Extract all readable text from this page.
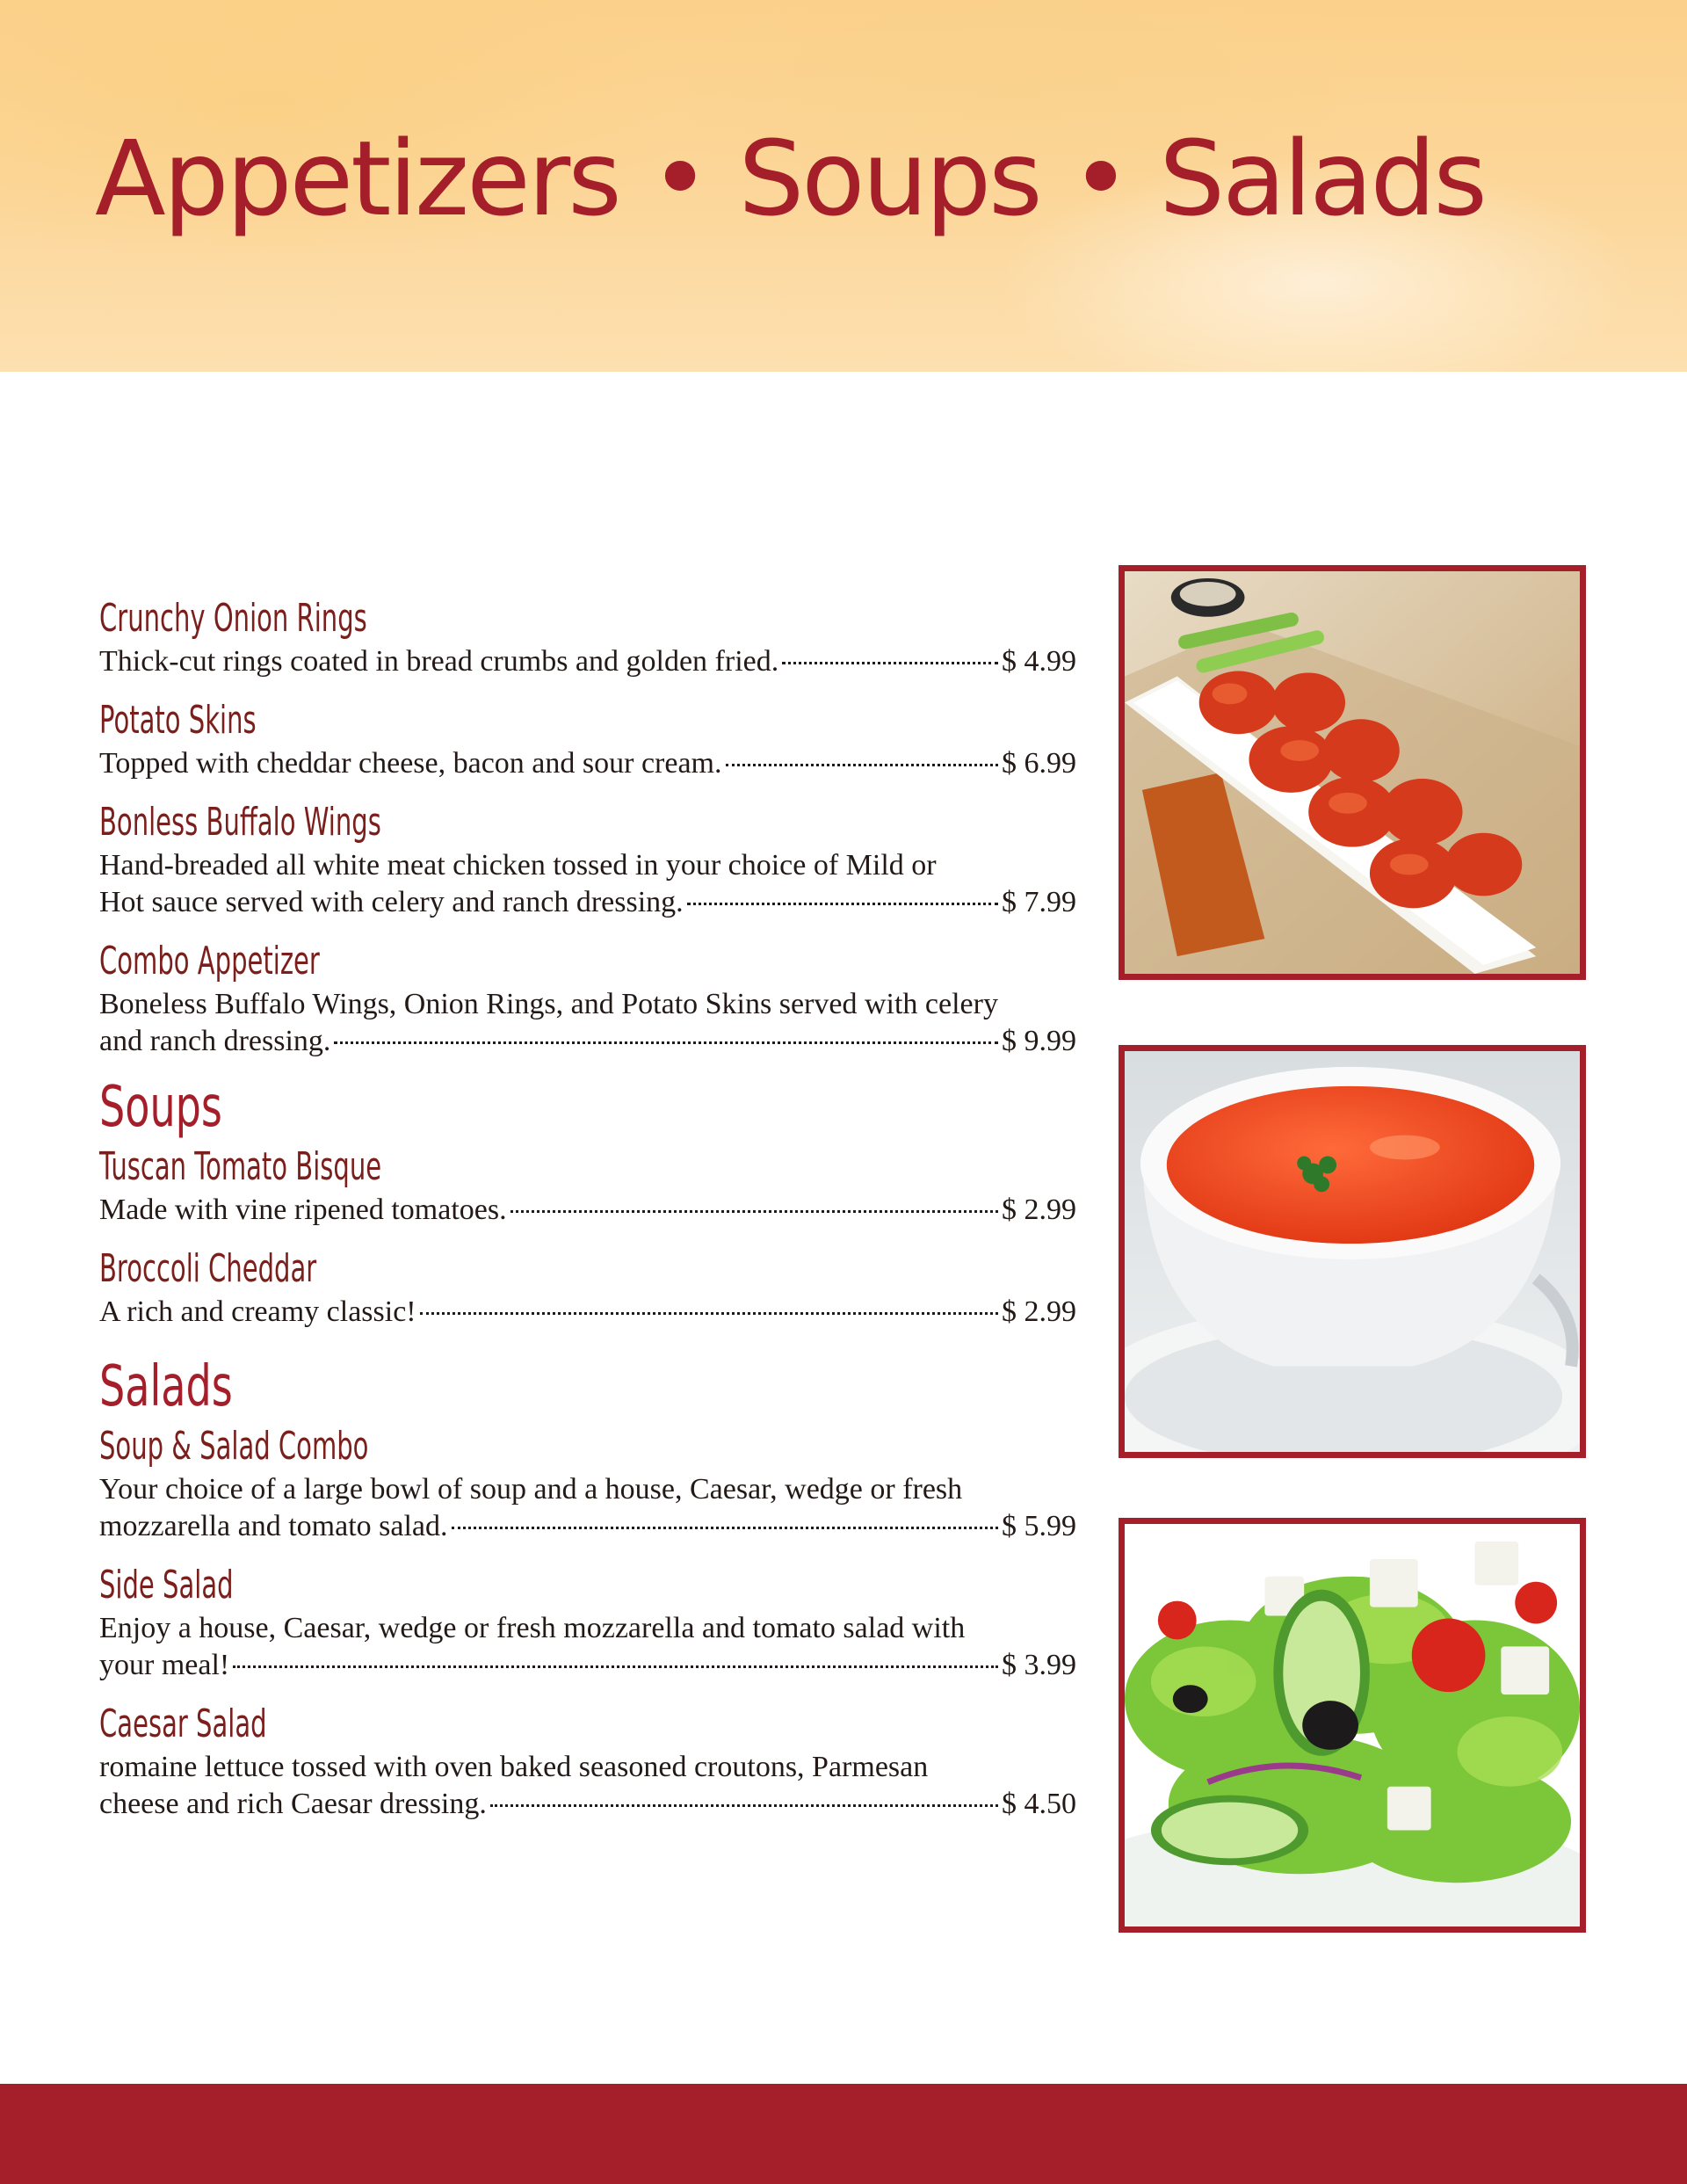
Appetizers • Soups • Salads
Crunchy Onion Rings
Thick-cut rings coated in bread crumbs and golden fried.	$ 4.99
Potato Skins
Topped with cheddar cheese, bacon and sour cream.	$ 6.99
Bonless Buffalo Wings
Hand-breaded all white meat chicken tossed in your choice of Mild or
Hot sauce served with celery and ranch dressing.	$ 7.99
Combo Appetizer
Boneless Buffalo Wings, Onion Rings, and Potato Skins served with celery
and ranch dressing.	$ 9.99
Soups
Tuscan Tomato Bisque
Made with vine ripened tomatoes.	$ 2.99
Broccoli Cheddar
A rich and creamy classic!	$ 2.99
Salads
Soup & Salad Combo
Your choice of a large bowl of soup and a house, Caesar, wedge or fresh
mozzarella and tomato salad.	$ 5.99
Side Salad
Enjoy a house, Caesar, wedge or fresh mozzarella and tomato salad with
your meal!	$ 3.99
Caesar Salad
romaine lettuce tossed with oven baked seasoned croutons, Parmesan
cheese and rich Caesar dressing.	$ 4.50
